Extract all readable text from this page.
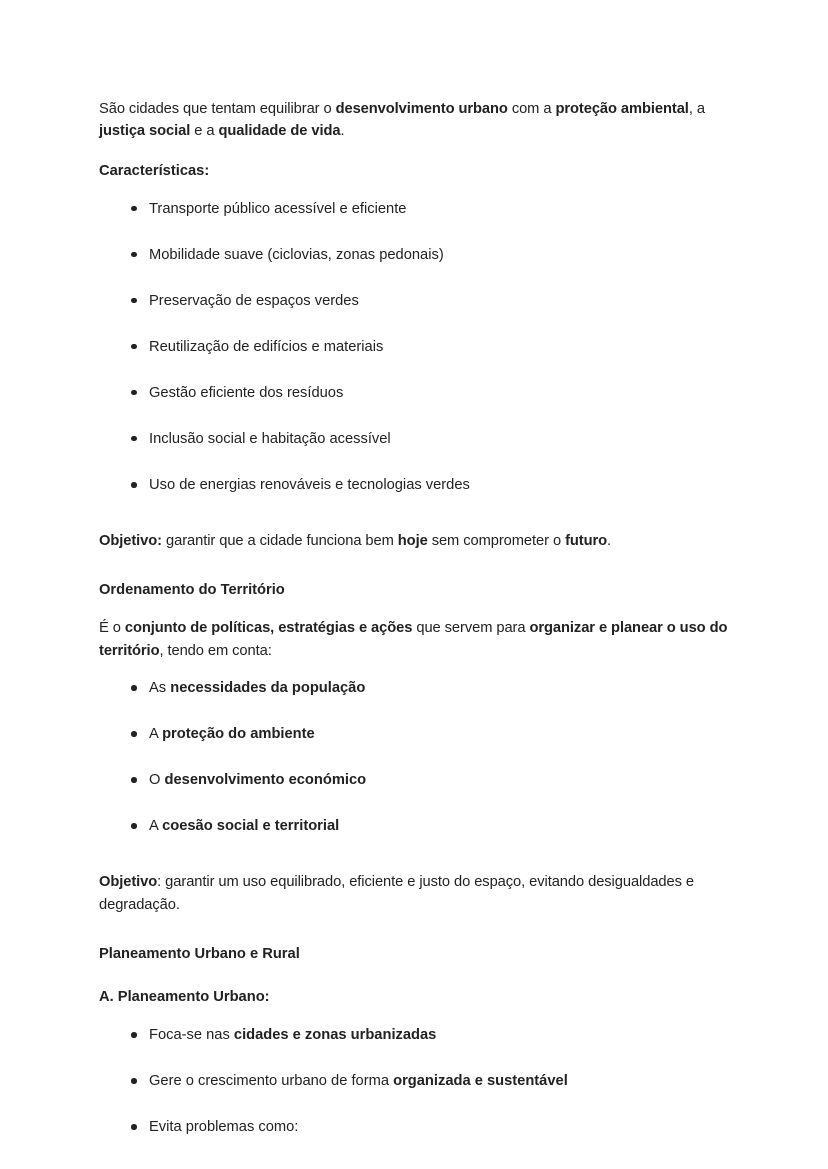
São cidades que tentam equilibrar o desenvolvimento urbano com a proteção ambiental, a justiça social e a qualidade de vida.

Características:

Transporte público acessível e eficiente
Mobilidade suave (ciclovias, zonas pedonais)
Preservação de espaços verdes
Reutilização de edifícios e materiais
Gestão eficiente dos resíduos
Inclusão social e habitação acessível
Uso de energias renováveis e tecnologias verdes

Objetivo: garantir que a cidade funciona bem hoje sem comprometer o futuro.

Ordenamento do Território

É o conjunto de políticas, estratégias e ações que servem para organizar e planear o uso do território, tendo em conta:

As necessidades da população
A proteção do ambiente
O desenvolvimento económico
A coesão social e territorial

Objetivo: garantir um uso equilibrado, eficiente e justo do espaço, evitando desigualdades e degradação.

Planeamento Urbano e Rural

A. Planeamento Urbano:

Foca-se nas cidades e zonas urbanizadas
Gere o crescimento urbano de forma organizada e sustentável
Evita problemas como:
